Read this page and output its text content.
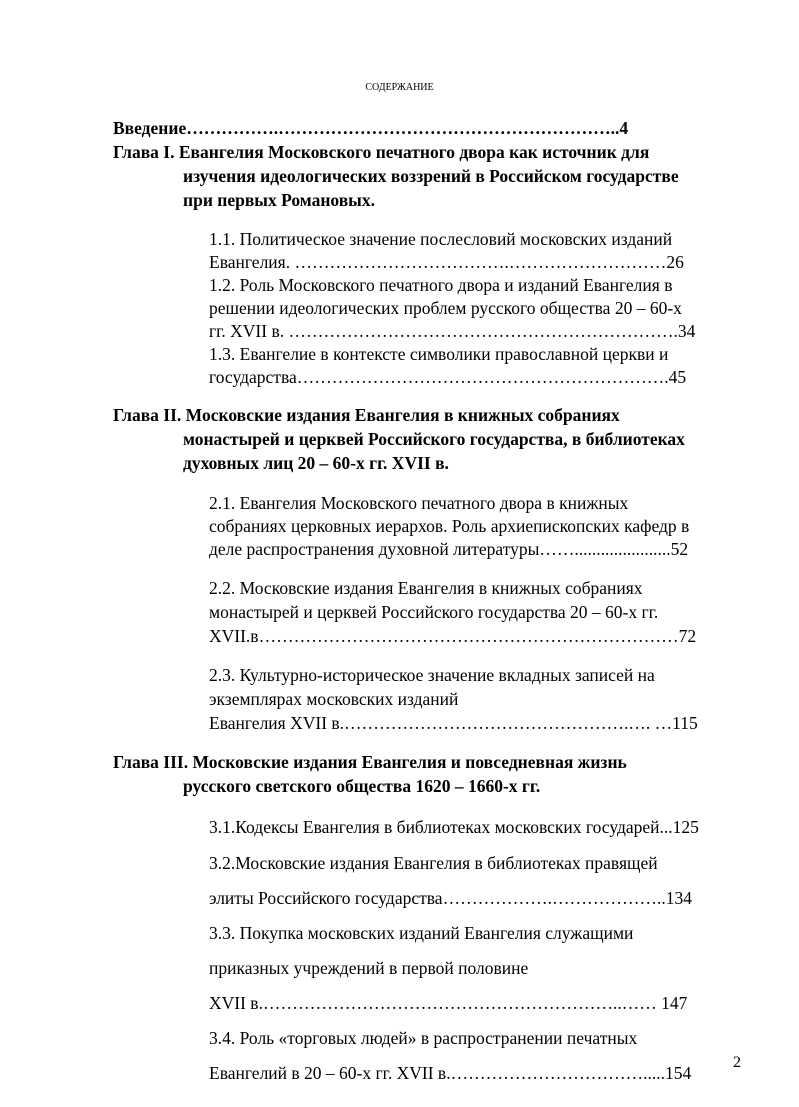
СОДЕРЖАНИЕ
Введение…………….…………………………………………………..4
Глава I. Евангелия Московского печатного двора как источник для
изучения идеологических воззрений в Российском государстве
при первых Романовых.
1.1. Политическое значение послесловий московских изданий
Евангелия. ……………………………….………………………26
1.2. Роль Московского печатного двора и изданий Евангелия в
решении идеологических проблем русского общества 20 – 60-х
гг. XVII в. ………………………………………………………….34
1.3. Евангелие в контексте символики православной церкви и
государства……………………………………………………….45
Глава II. Московские издания Евангелия в книжных собраниях
монастырей и церквей Российского государства, в библиотеках
духовных лиц 20 – 60-х гг. XVII в.
2.1. Евангелия Московского печатного двора в книжных
собраниях церковных иерархов. Роль архиепископских кафедр в
деле распространения духовной литературы……......................52
2.2. Московские издания Евангелия в книжных собраниях
монастырей и церквей Российского государства 20 – 60-х гг.
XVII.в………………………………………………………………72
2.3. Культурно-историческое значение вкладных записей на
экземплярах московских изданий
Евангелия XVII в.………………………………………….…. …115
Глава III. Московские издания Евангелия и повседневная жизнь
русского светского общества 1620 – 1660-х гг.
3.1.Кодексы Евангелия в библиотеках московских государей...125
3.2.Московские издания Евангелия в библиотеках правящей
элиты Российского государства……………….………………..134
3.3. Покупка московских изданий Евангелия служащими
приказных учреждений в первой половине
XVII в.……………………………………………………..…… 147
3.4. Роль «торговых людей» в распространении печатных
Евангелий в 20 – 60-х гг. XVII в.…………………………….....154
2
